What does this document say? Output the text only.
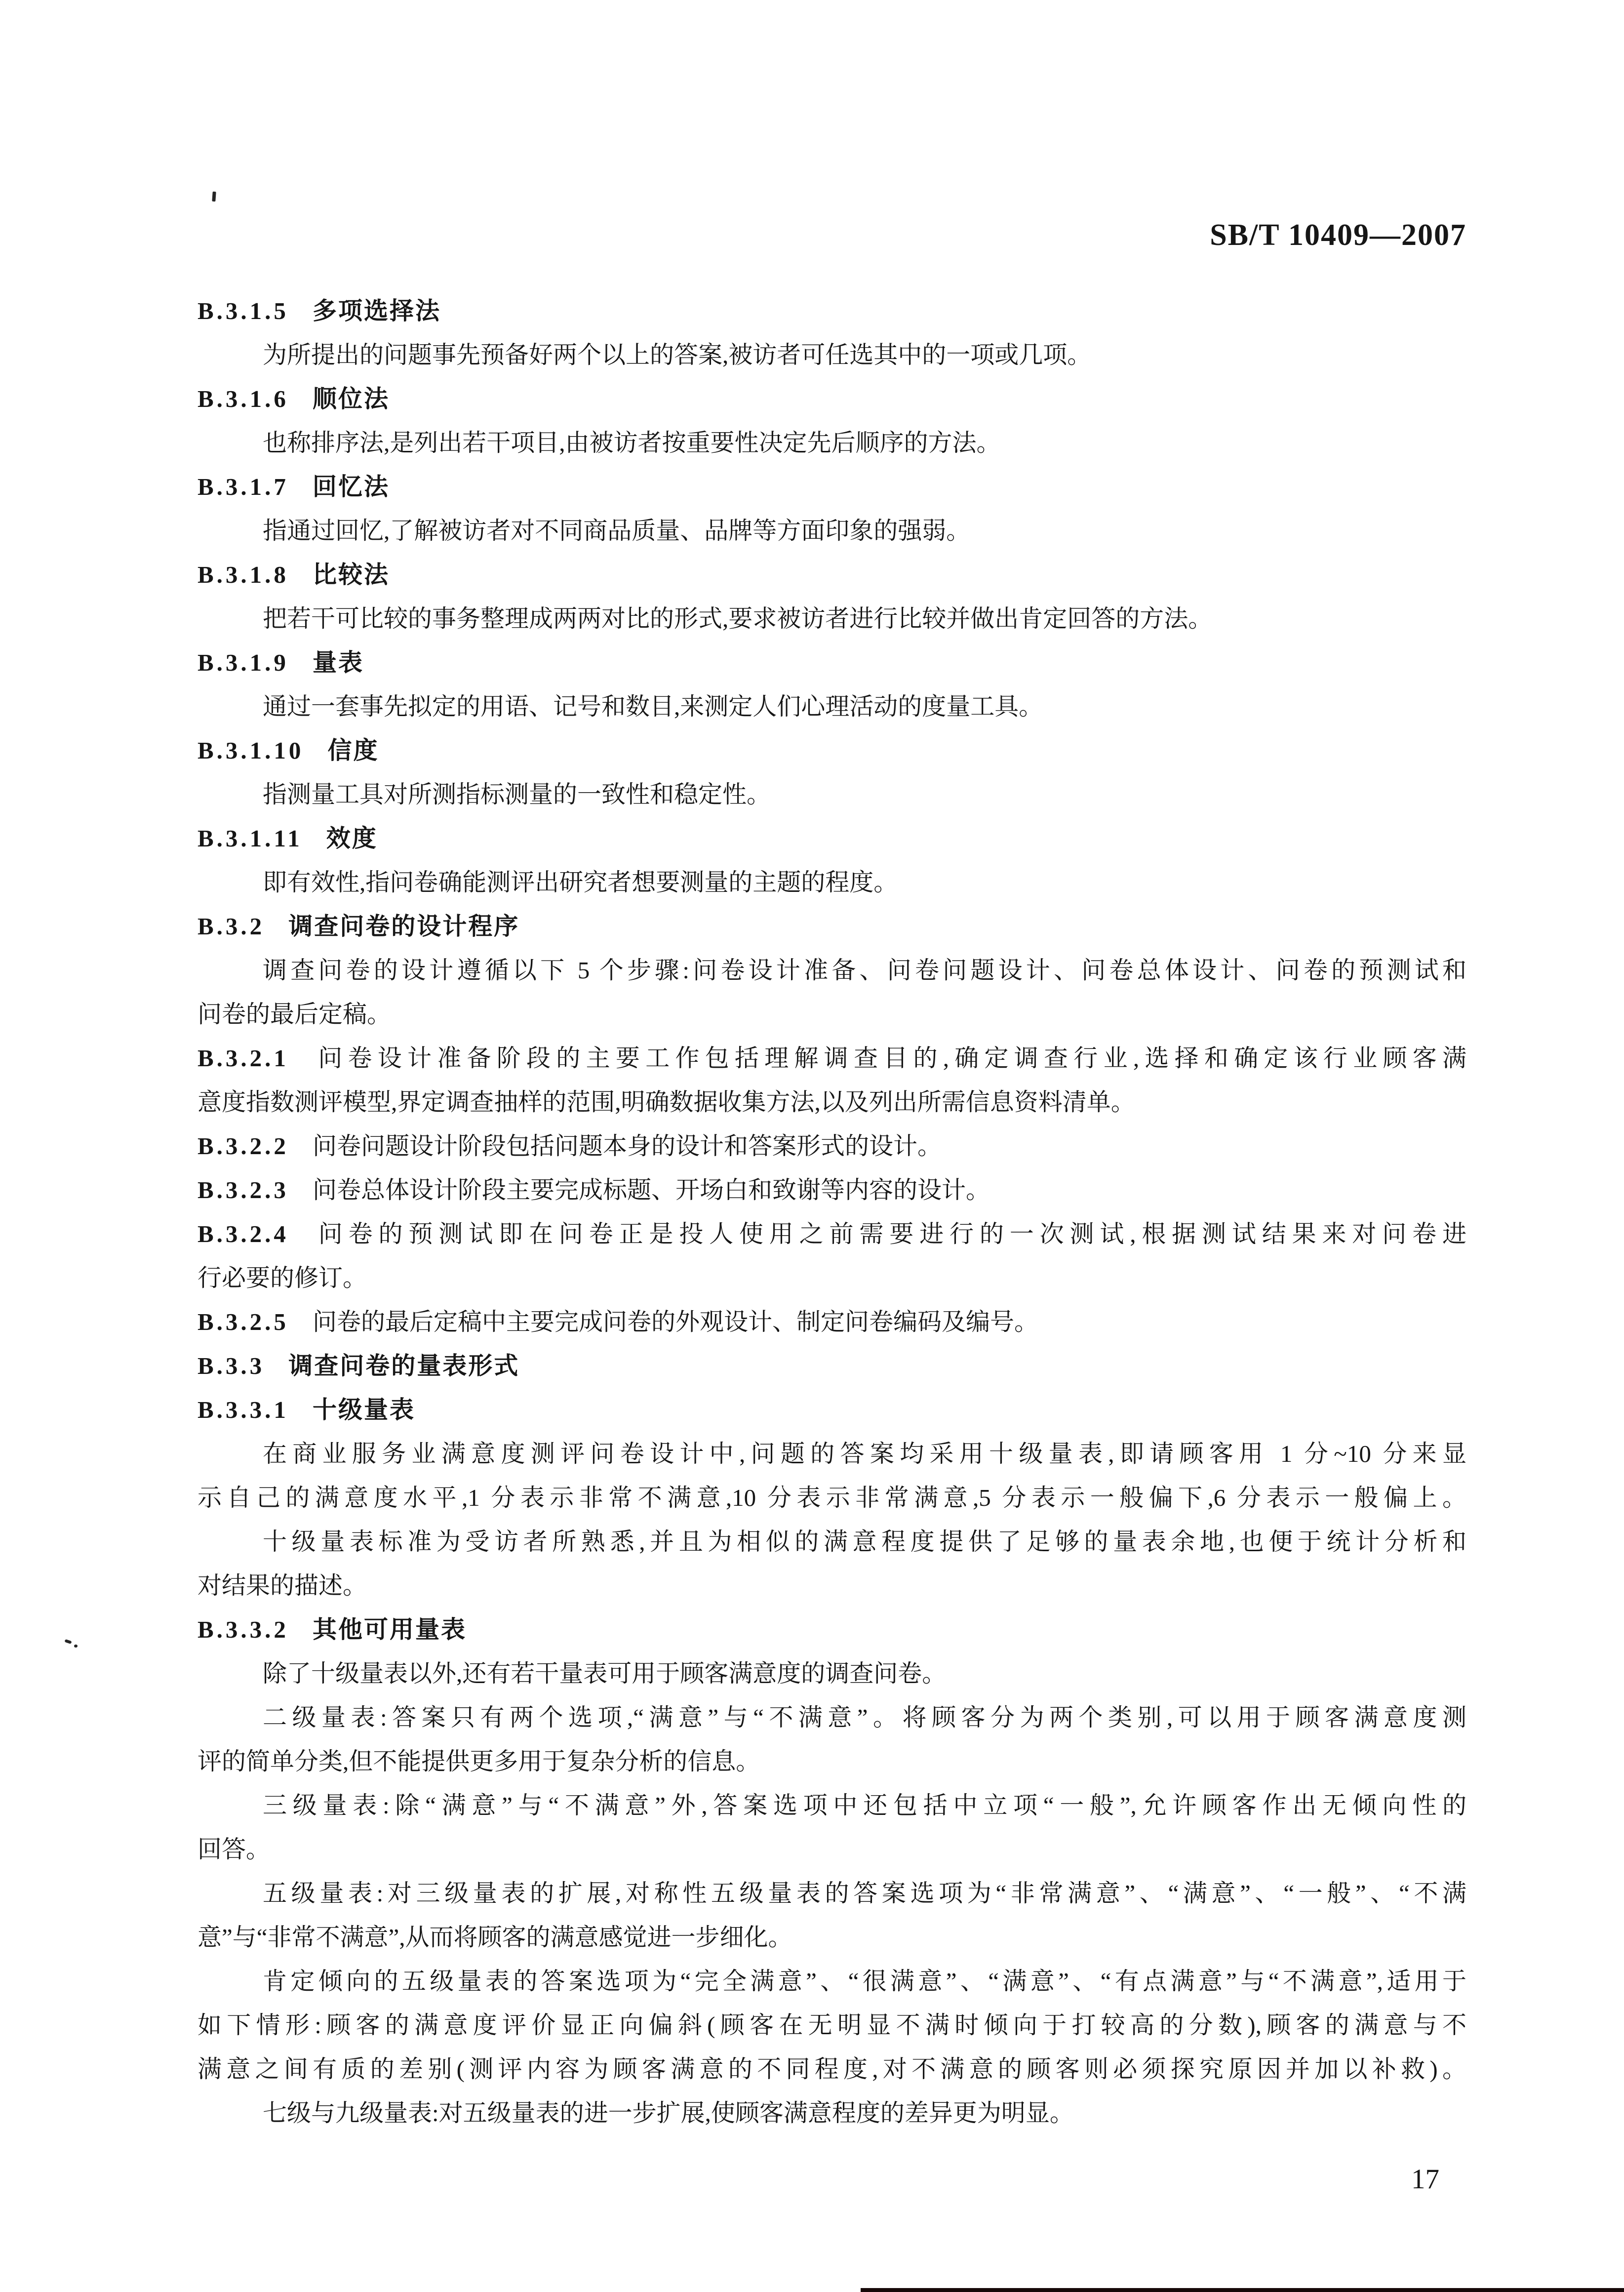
SB/T 10409—2007
B.3.1.5 多项选择法
为所提出的问题事先预备好两个以上的答案,被访者可任选其中的一项或几项。
B.3.1.6 顺位法
也称排序法,是列出若干项目,由被访者按重要性决定先后顺序的方法。
B.3.1.7 回忆法
指通过回忆,了解被访者对不同商品质量、品牌等方面印象的强弱。
B.3.1.8 比较法
把若干可比较的事务整理成两两对比的形式,要求被访者进行比较并做出肯定回答的方法。
B.3.1.9 量表
通过一套事先拟定的用语、记号和数目,来测定人们心理活动的度量工具。
B.3.1.10 信度
指测量工具对所测指标测量的一致性和稳定性。
B.3.1.11 效度
即有效性,指问卷确能测评出研究者想要测量的主题的程度。
B.3.2 调查问卷的设计程序
调查问卷的设计遵循以下 5 个步骤:问卷设计准备、问卷问题设计、问卷总体设计、问卷的预测试和
问卷的最后定稿。
B.3.2.1 问卷设计准备阶段的主要工作包括理解调查目的,确定调查行业,选择和确定该行业顾客满
意度指数测评模型,界定调查抽样的范围,明确数据收集方法,以及列出所需信息资料清单。
B.3.2.2 问卷问题设计阶段包括问题本身的设计和答案形式的设计。
B.3.2.3 问卷总体设计阶段主要完成标题、开场白和致谢等内容的设计。
B.3.2.4 问卷的预测试即在问卷正是投人使用之前需要进行的一次测试,根据测试结果来对问卷进
行必要的修订。
B.3.2.5 问卷的最后定稿中主要完成问卷的外观设计、制定问卷编码及编号。
B.3.3 调查问卷的量表形式
B.3.3.1 十级量表
在商业服务业满意度测评问卷设计中,问题的答案均采用十级量表,即请顾客用 1 分~10 分来显
示自己的满意度水平,1 分表示非常不满意,10 分表示非常满意,5 分表示一般偏下,6 分表示一般偏上。
十级量表标准为受访者所熟悉,并且为相似的满意程度提供了足够的量表余地,也便于统计分析和
对结果的描述。
B.3.3.2 其他可用量表
除了十级量表以外,还有若干量表可用于顾客满意度的调查问卷。
二级量表:答案只有两个选项,“满意”与“不满意”。将顾客分为两个类别,可以用于顾客满意度测
评的简单分类,但不能提供更多用于复杂分析的信息。
三级量表:除“满意”与“不满意”外,答案选项中还包括中立项“一般”,允许顾客作出无倾向性的
回答。
五级量表:对三级量表的扩展,对称性五级量表的答案选项为“非常满意”、“满意”、“一般”、“不满
意”与“非常不满意”,从而将顾客的满意感觉进一步细化。
肯定倾向的五级量表的答案选项为“完全满意”、“很满意”、“满意”、“有点满意”与“不满意”,适用于
如下情形:顾客的满意度评价显正向偏斜(顾客在无明显不满时倾向于打较高的分数),顾客的满意与不
满意之间有质的差别(测评内容为顾客满意的不同程度,对不满意的顾客则必须探究原因并加以补救)。
七级与九级量表:对五级量表的进一步扩展,使顾客满意程度的差异更为明显。
17
